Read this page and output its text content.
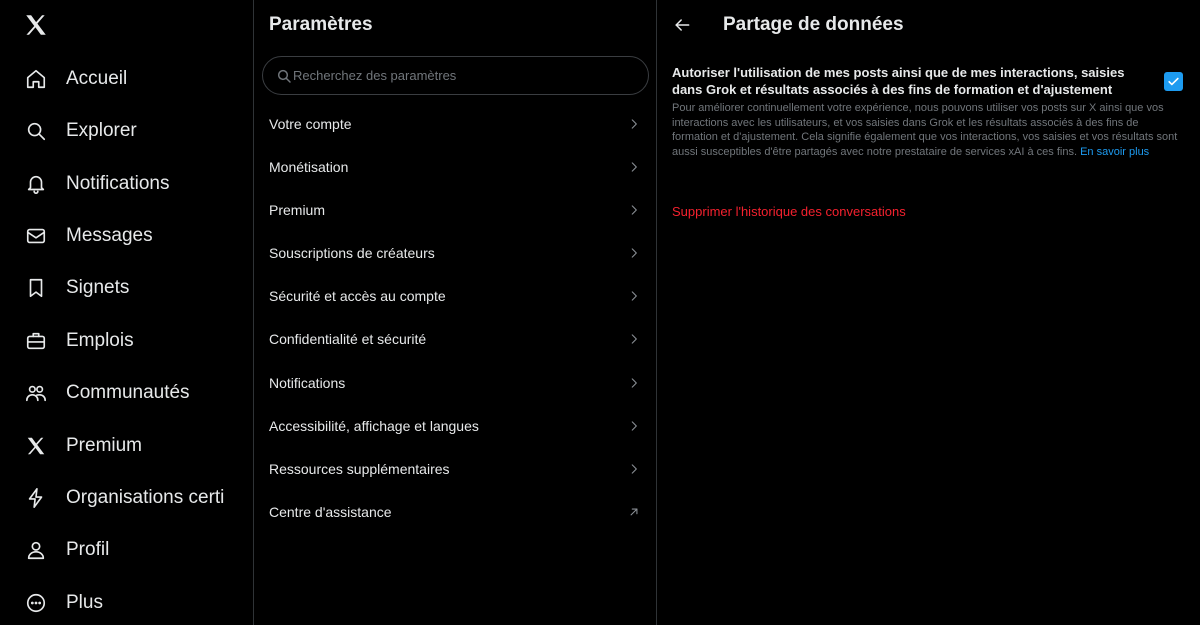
Accueil
Explorer
Notifications
Messages
Signets
Emplois
Communautés
Premium
Organisations certi
Profil
Plus
Paramètres
Recherchez des paramètres
Votre compte
Monétisation
Premium
Souscriptions de créateurs
Sécurité et accès au compte
Confidentialité et sécurité
Notifications
Accessibilité, affichage et langues
Ressources supplémentaires
Centre d'assistance
Partage de données
Autoriser l'utilisation de mes posts ainsi que de mes interactions, saisies dans Grok et résultats associés à des fins de formation et d'ajustement

Pour améliorer continuellement votre expérience, nous pouvons utiliser vos posts sur X ainsi que vos interactions avec les utilisateurs, et vos saisies dans Grok et les résultats associés à des fins de formation et d'ajustement. Cela signifie également que vos interactions, vos saisies et vos résultats sont aussi susceptibles d'être partagés avec notre prestataire de services xAI à ces fins. En savoir plus

Supprimer l'historique des conversations
